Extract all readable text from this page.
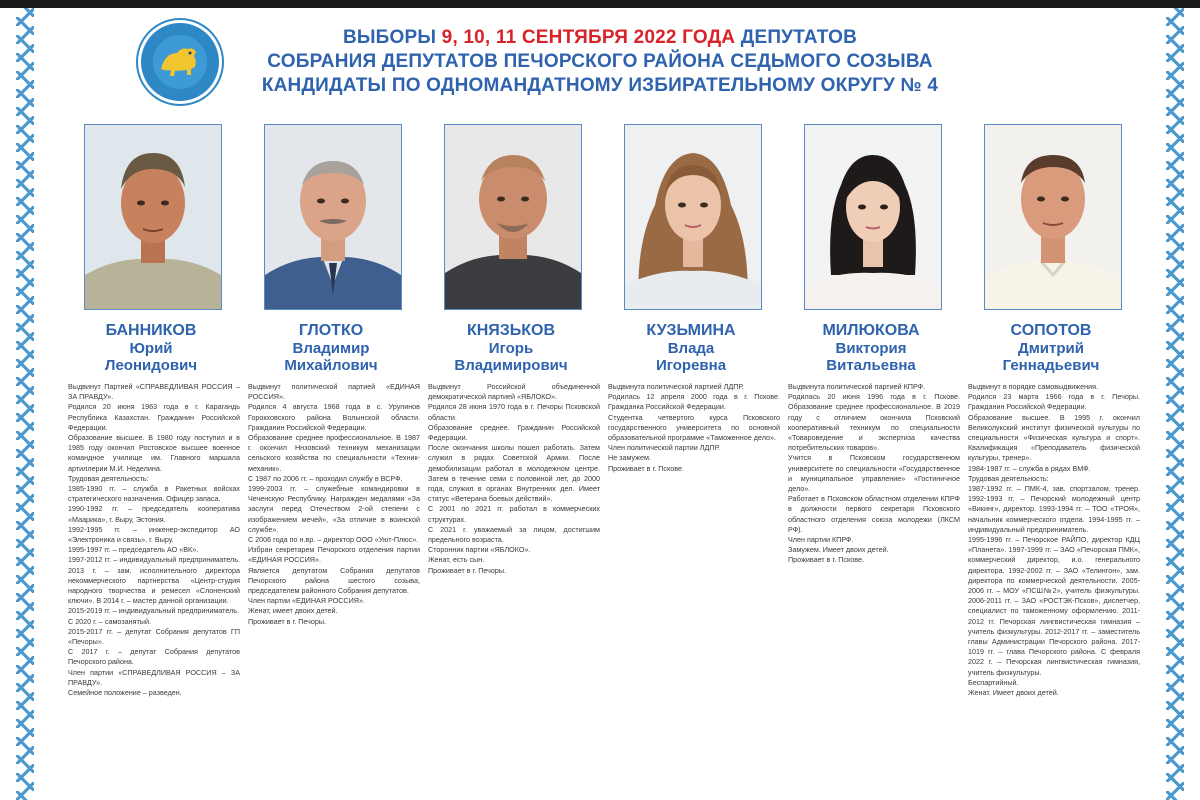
ВЫБОРЫ 9, 10, 11 СЕНТЯБРЯ 2022 ГОДА ДЕПУТАТОВ
СОБРАНИЯ ДЕПУТАТОВ ПЕЧОРСКОГО РАЙОНА СЕДЬМОГО СОЗЫВА
КАНДИДАТЫ ПО ОДНОМАНДАТНОМУ ИЗБИРАТЕЛЬНОМУ ОКРУГУ № 4
БАННИКОВ
Юрий
Леонидович

Выдвинут Партией «СПРАВЕДЛИВАЯ РОССИЯ – ЗА ПРАВДУ».

Родился 20 июня 1963 года в г. Карагандь Республика Казахстан. Гражданин Российской Федерации.

Образование высшее. В 1980 году поступил и в 1985 году окончил Ростовское высшее военное командное училище им. Главного маршала артиллерии М.И. Неделина.

Трудовая деятельность:

1985-1990 гг. – служба в Ракетных войсках стратегического назначения. Офицер запаса.

1990-1992 гг. – председатель кооператива «Маарика», г. Выру, Эстония.

1992-1995 гг. – инженер-экспедитор АО «Электроника и связь», г. Выру.

1995-1997 гг. – председатель АО «ВК».

1997-2012 гг. – индивидуальный предприниматель. 2013 г. – зам. исполнительного директора некоммерческого партнерства «Центр-студия народного творчества и ремесел «Слоненский ключи». В 2014 г. – мастер данной организации.

2015-2019 гг. – индивидуальный предприниматель.

С 2020 г. – самозанятый.

2015-2017 гг. – депутат Собрания депутатов ГП «Печоры».

С 2017 г. – депутат Собрания депутатов Печорского района.

Член партии «СПРАВЕДЛИВАЯ РОССИЯ – ЗА ПРАВДУ».

Семейное положение – разведен.

ГЛОТКО
Владимир
Михайлович

Выдвинут политической партией «ЕДИНАЯ РОССИЯ».

Родился 4 августа 1968 года в с. Урупинов Горокховского района Волынской области. Гражданин Российской Федерации.

Образование среднее профессиональное. В 1987 г. окончил Ннзовский техникум механизации сельского хозяйства по специальности «Техник-механик».

С 1987 по 2006 гг. – проходил службу в ВСРФ.

1999-2003 гг. – служебные командировки в Чеченскую Республику. Награжден медалями «За заслуги перед Отечеством 2-ой степени с изображением мечей», «За отличие в воинской службе».

С 2006 года по н.вр. – директор ООО «Уют-Плюс».

Избран секретарем Печорского отделения партии «ЕДИНАЯ РОССИЯ».

Является депутатом Собрания депутатов Печорского района шестого созыва, председателем районного Собрания депутатов.

Член партии «ЕДИНАЯ РОССИЯ».

Женат, имеет двоих детей.

Проживает в г. Печоры.

КНЯЗЬКОВ
Игорь
Владимирович

Выдвинут Российской объединенной демократической партией «ЯБЛОКО».

Родился 28 июня 1970 года в г. Печоры Псковской области.

Образование среднее. Гражданин Российской Федерации.

После окончания школы пошел работать. Затем служил в рядах Советской Армии. После демобилизации работал в молодежном центре. Затем в течение семи с половиной лет, до 2000 года, служил в органах Внутренних дел. Имеет статус «Ветерана боевых действий».

С 2001 по 2021 гг. работал в коммерческих структурах.

С 2021 г. уважаемый за лицом, достигшим предельного возраста.

Сторонник партии «ЯБЛОКО».

Женат, есть сын.

Проживает в г. Печоры.

КУЗЬМИНА
Влада
Игоревна

Выдвинута политической партией ЛДПР.

Родилась 12 апреля 2000 года в г. Пскове. Гражданка Российской Федерации.

Студентка четвертого курса Псковского государственного университета по основной образовательной программе «Таможенное дело».

Член политической партии ЛДПР.

Не замужем.

Проживает в г. Пскове.

МИЛЮКОВА
Виктория
Витальевна

Выдвинута политической партией КПРФ.

Родилась 20 июня 1996 года в г. Пскове. Образование среднее профессиональное. В 2019 году с отличием окончила Псковский кооперативный техникум по специальности «Товароведение и экспертиза качества потребительских товаров».

Учится в Псковском государственном университете по специальности «Государственное и муниципальное управление» «Гостиничное дело».

Работает в Псковском областном отделении КПРФ в должности первого секретаря Псковского областного отделения союза молодежи (ЛКСМ РФ).

Член партии КПРФ.

Замужем. Имеет двоих детей.

Проживает в г. Пскове.

СОПОТОВ
Дмитрий
Геннадьевич

Выдвинут в порядке самовыдвижения.

Родился 23 марта 1966 года в г. Печоры. Гражданин Российской Федерации.

Образование высшее. В 1995 г. окончил Великолукский институт физической культуры по специальности «Физическая культура и спорт». Квалификация «Преподаватель физической культуры, тренер».

1984-1987 гг. – служба в рядах ВМФ.

Трудовая деятельность:

1987-1992 гг. – ПМК-4, зав. спортзалом, тренер. 1992-1993 гг. – Печорский молодежный центр «Викинг», директор. 1993-1994 гг. – ТОО «ТРОЯ», начальник коммерческого отдела. 1994-1995 гг. – индивидуальный предприниматель.

1995-1996 гг. – Печорское РАЙПО, директор КДЦ «Планета». 1997-1999 гг. – ЗАО «Печорская ПМК», коммерческий директор, и.о. генерального директора. 1992-2002 гг. – ЗАО «Телингон», зам. директора по коммерческой деятельности. 2005-2006 гг. – МОУ «ПСШ№2», учитель физкультуры. 2006-2011 гг. – ЗАО «РОСТЭК-Псков», диспетчер, специалист по таможенному оформлению. 2011-2012 гг. Печорская лингвистическая гимназия – учитель физкультуры. 2012-2017 гг. – заместитель главы Администрации Печорского района. 2017-1019 гг. – глава Печорского района. С февраля 2022 г. – Печорская лингвистическая гимназия, учитель физкультуры.

Беспартийный.

Женат. Имеет двоих детей.
